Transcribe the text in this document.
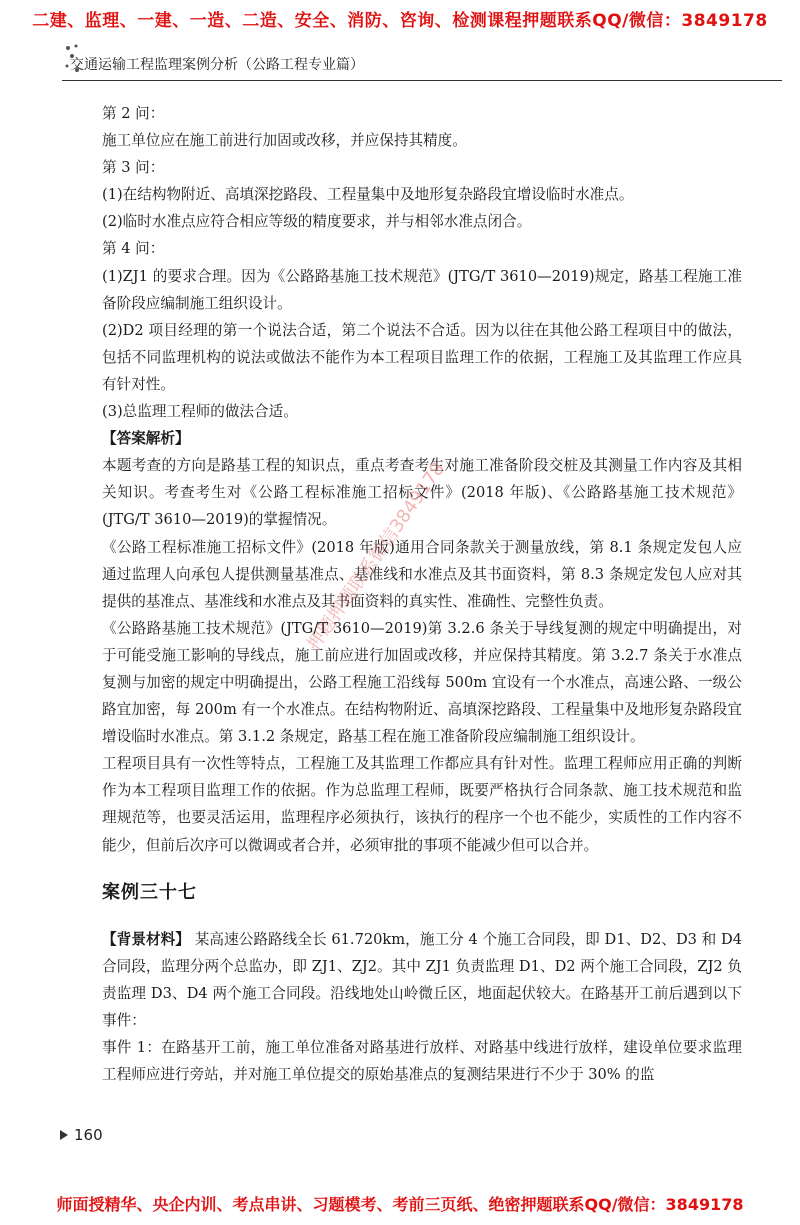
二建、监理、一建、一造、二造、安全、消防、咨询、检测课程押题联系QQ/微信：3849178
交通运输工程监理案例分析（公路工程专业篇）

第 2 问：

施工单位应在施工前进行加固或改移，并应保持其精度。

第 3 问：

(1)在结构物附近、高填深挖路段、工程量集中及地形复杂路段宜增设临时水准点。

(2)临时水准点应符合相应等级的精度要求，并与相邻水准点闭合。

第 4 问：

(1)ZJ1 的要求合理。因为《公路路基施工技术规范》(JTG/T 3610—2019)规定，路基工程施工准备阶段应编制施工组织设计。

(2)D2 项目经理的第一个说法合适，第二个说法不合适。因为以往在其他公路工程项目中的做法，包括不同监理机构的说法或做法不能作为本工程项目监理工作的依据，工程施工及其监理工作应具有针对性。

(3)总监理工程师的做法合适。

【答案解析】

本题考查的方向是路基工程的知识点，重点考查考生对施工准备阶段交桩及其测量工作内容及其相关知识。考查考生对《公路工程标准施工招标文件》(2018 年版)、《公路路基施工技术规范》(JTG/T 3610—2019)的掌握情况。

《公路工程标准施工招标文件》(2018 年版)通用合同条款关于测量放线，第 8.1 条规定发包人应通过监理人向承包人提供测量基准点、基准线和水准点及其书面资料，第 8.3 条规定发包人应对其提供的基准点、基准线和水准点及其书面资料的真实性、准确性、完整性负责。

《公路路基施工技术规范》(JTG/T 3610—2019)第 3.2.6 条关于导线复测的规定中明确提出，对于可能受施工影响的导线点，施工前应进行加固或改移，并应保持其精度。第 3.2.7 条关于水准点复测与加密的规定中明确提出，公路工程施工沿线每 500m 宜设有一个水准点，高速公路、一级公路宜加密，每 200m 有一个水准点。在结构物附近、高填深挖路段、工程量集中及地形复杂路段宜增设临时水准点。第 3.1.2 条规定，路基工程在施工准备阶段应编制施工组织设计。

工程项目具有一次性等特点，工程施工及其监理工作都应具有针对性。监理工程师应用正确的判断作为本工程项目监理工作的依据。作为总监理工程师，既要严格执行合同条款、施工技术规范和监理规范等，也要灵活运用，监理程序必须执行，该执行的程序一个也不能少，实质性的工作内容不能少，但前后次序可以微调或者合并，必须审批的事项不能减少但可以合并。

案例三十七

【背景材料】 某高速公路路线全长 61.720km，施工分 4 个施工合同段，即 D1、D2、D3 和 D4 合同段，监理分两个总监办，即 ZJ1、ZJ2。其中 ZJ1 负责监理 D1、D2 两个施工合同段，ZJ2 负责监理 D3、D4 两个施工合同段。沿线地处山岭微丘区，地面起伏较大。在路基开工前后遇到以下事件：

事件 1：在路基开工前，施工单位准备对路基进行放样、对路基中线进行放样，建设单位要求监理工程师应进行旁站，并对施工单位提交的原始基准点的复测结果进行不少于 30% 的监

押题押题联系微信3849178
160
师面授精华、央企内训、考点串讲、习题模考、考前三页纸、绝密押题联系QQ/微信：3849178
